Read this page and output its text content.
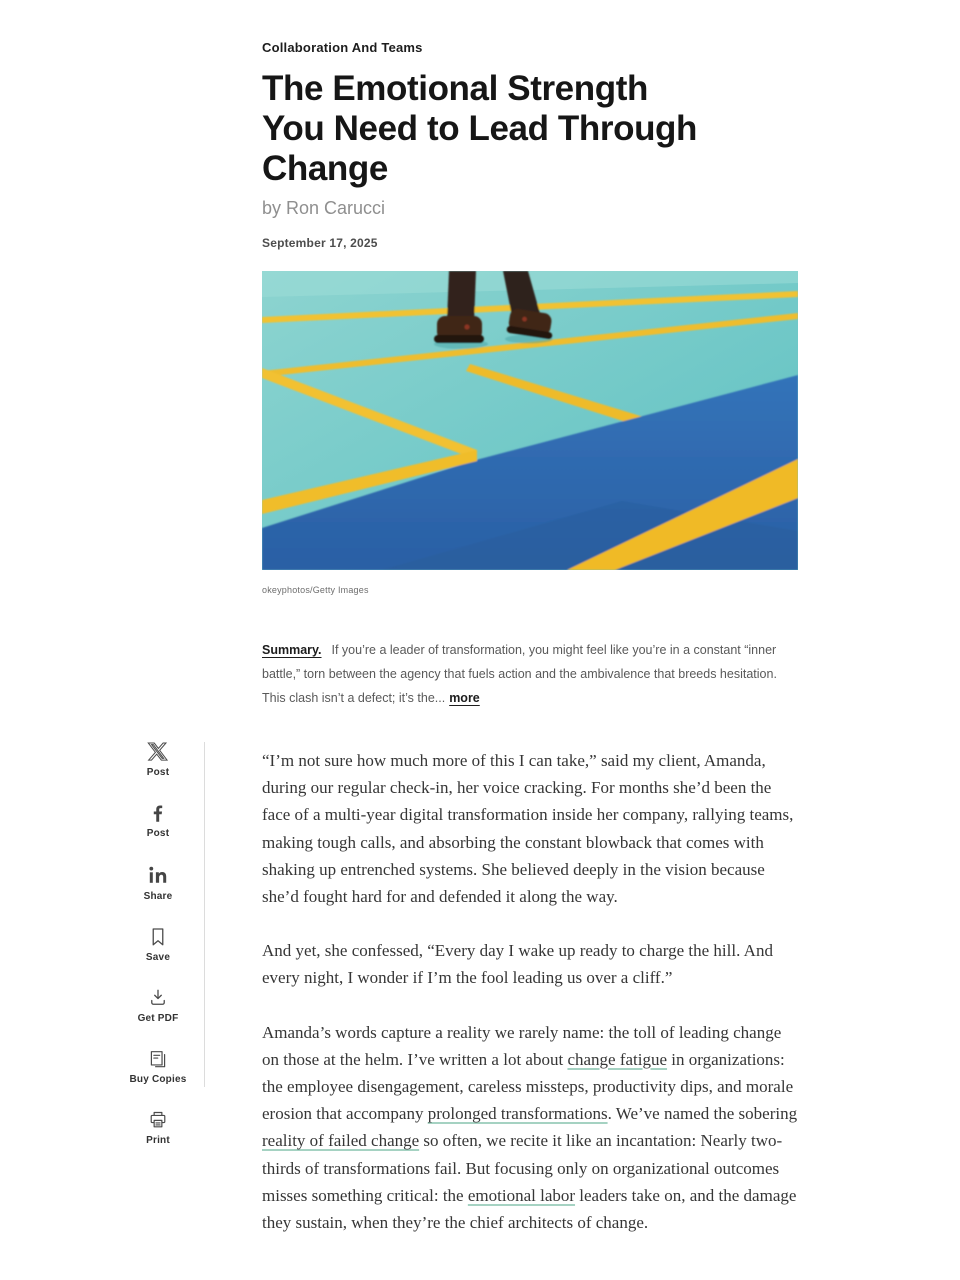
Post
Post
Share
Save
Get PDF
Buy Copies
Print
Collaboration And Teams
The Emotional Strength
You Need to Lead Through
Change
by Ron Carucci
September 17, 2025
okeyphotos/Getty Images
Summary. If you’re a leader of transformation, you might feel like you’re in a constant “inner battle,” torn between the agency that fuels action and the ambivalence that breeds hesitation. This clash isn’t a defect; it’s the... more

“I’m not sure how much more of this I can take,” said my client, Amanda, during our regular check-in, her voice cracking. For months she’d been the face of a multi-year digital transformation inside her company, rallying teams, making tough calls, and absorbing the constant blowback that comes with shaking up entrenched systems. She believed deeply in the vision because she’d fought hard for and defended it along the way.

And yet, she confessed, “Every day I wake up ready to charge the hill. And every night, I wonder if I’m the fool leading us over a cliff.”

Amanda’s words capture a reality we rarely name: the toll of leading change on those at the helm. I’ve written a lot about change fatigue in organizations: the employee disengagement, careless missteps, productivity dips, and morale erosion that accompany prolonged transformations. We’ve named the sobering reality of failed change so often, we recite it like an incantation: Nearly two-thirds of transformations fail. But focusing only on organizational outcomes misses something critical: the emotional labor leaders take on, and the damage they sustain, when they’re the chief architects of change.
